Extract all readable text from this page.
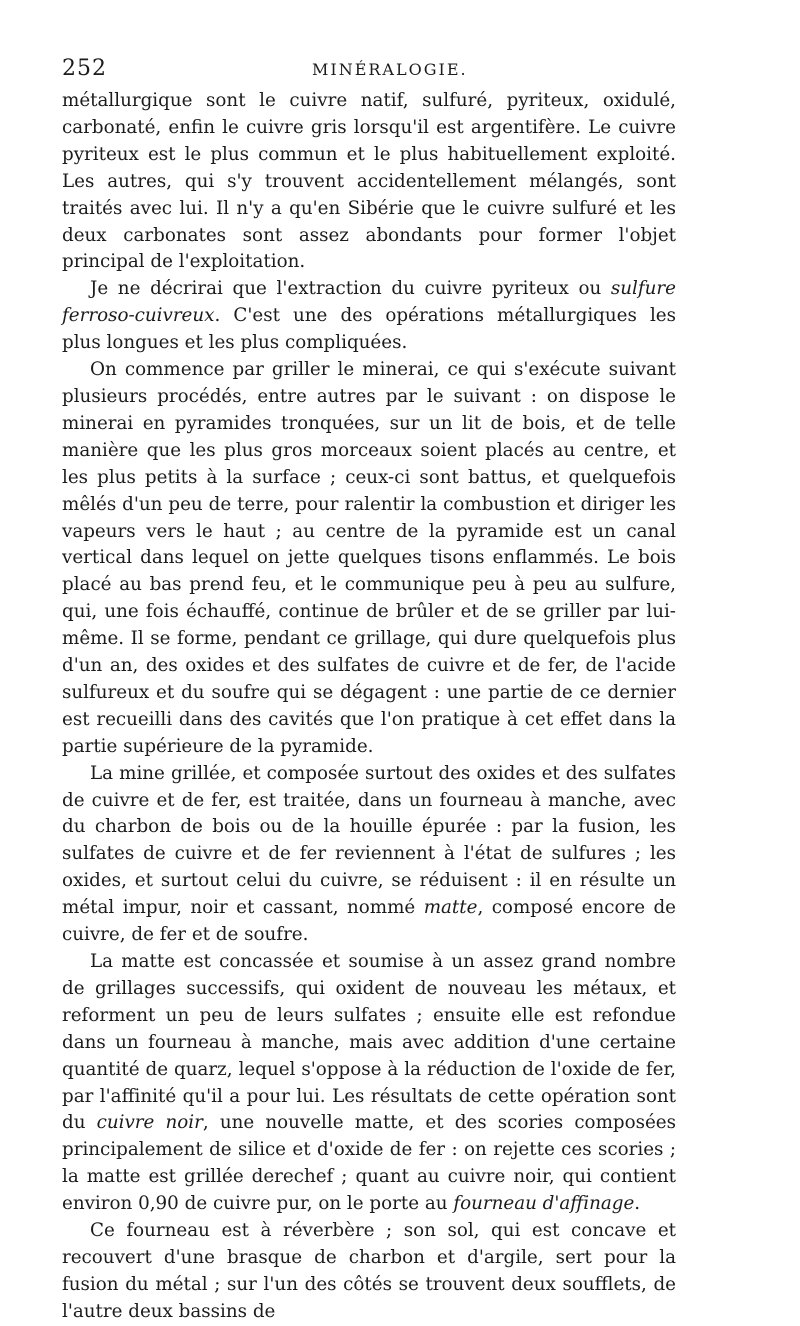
252	MINÉRALOGIE.

métallurgique sont le cuivre natif, sulfuré, pyriteux, oxidulé, carbonaté, enfin le cuivre gris lorsqu'il est argentifère. Le cuivre pyriteux est le plus commun et le plus habituellement exploité. Les autres, qui s'y trouvent accidentellement mélangés, sont traités avec lui. Il n'y a qu'en Sibérie que le cuivre sulfuré et les deux carbonates sont assez abondants pour former l'objet principal de l'exploitation.

Je ne décrirai que l'extraction du cuivre pyriteux ou sulfure ferroso-cuivreux. C'est une des opérations métallurgiques les plus longues et les plus compliquées.

On commence par griller le minerai, ce qui s'exécute suivant plusieurs procédés, entre autres par le suivant : on dispose le minerai en pyramides tronquées, sur un lit de bois, et de telle manière que les plus gros morceaux soient placés au centre, et les plus petits à la surface ; ceux-ci sont battus, et quelquefois mêlés d'un peu de terre, pour ralentir la combustion et diriger les vapeurs vers le haut ; au centre de la pyramide est un canal vertical dans lequel on jette quelques tisons enflammés. Le bois placé au bas prend feu, et le communique peu à peu au sulfure, qui, une fois échauffé, continue de brûler et de se griller par lui-même. Il se forme, pendant ce grillage, qui dure quelquefois plus d'un an, des oxides et des sulfates de cuivre et de fer, de l'acide sulfureux et du soufre qui se dégagent : une partie de ce dernier est recueilli dans des cavités que l'on pratique à cet effet dans la partie supérieure de la pyramide.

La mine grillée, et composée surtout des oxides et des sulfates de cuivre et de fer, est traitée, dans un fourneau à manche, avec du charbon de bois ou de la houille épurée : par la fusion, les sulfates de cuivre et de fer reviennent à l'état de sulfures ; les oxides, et surtout celui du cuivre, se réduisent : il en résulte un métal impur, noir et cassant, nommé matte, composé encore de cuivre, de fer et de soufre.

La matte est concassée et soumise à un assez grand nombre de grillages successifs, qui oxident de nouveau les métaux, et reforment un peu de leurs sulfates ; ensuite elle est refondue dans un fourneau à manche, mais avec addition d'une certaine quantité de quarz, lequel s'oppose à la réduction de l'oxide de fer, par l'affinité qu'il a pour lui. Les résultats de cette opération sont du cuivre noir, une nouvelle matte, et des scories composées principalement de silice et d'oxide de fer : on rejette ces scories ; la matte est grillée derechef ; quant au cuivre noir, qui contient environ 0,90 de cuivre pur, on le porte au fourneau d'affinage.

Ce fourneau est à réverbère ; son sol, qui est concave et recouvert d'une brasque de charbon et d'argile, sert pour la fusion du métal ; sur l'un des côtés se trouvent deux soufflets, de l'autre deux bassins de
